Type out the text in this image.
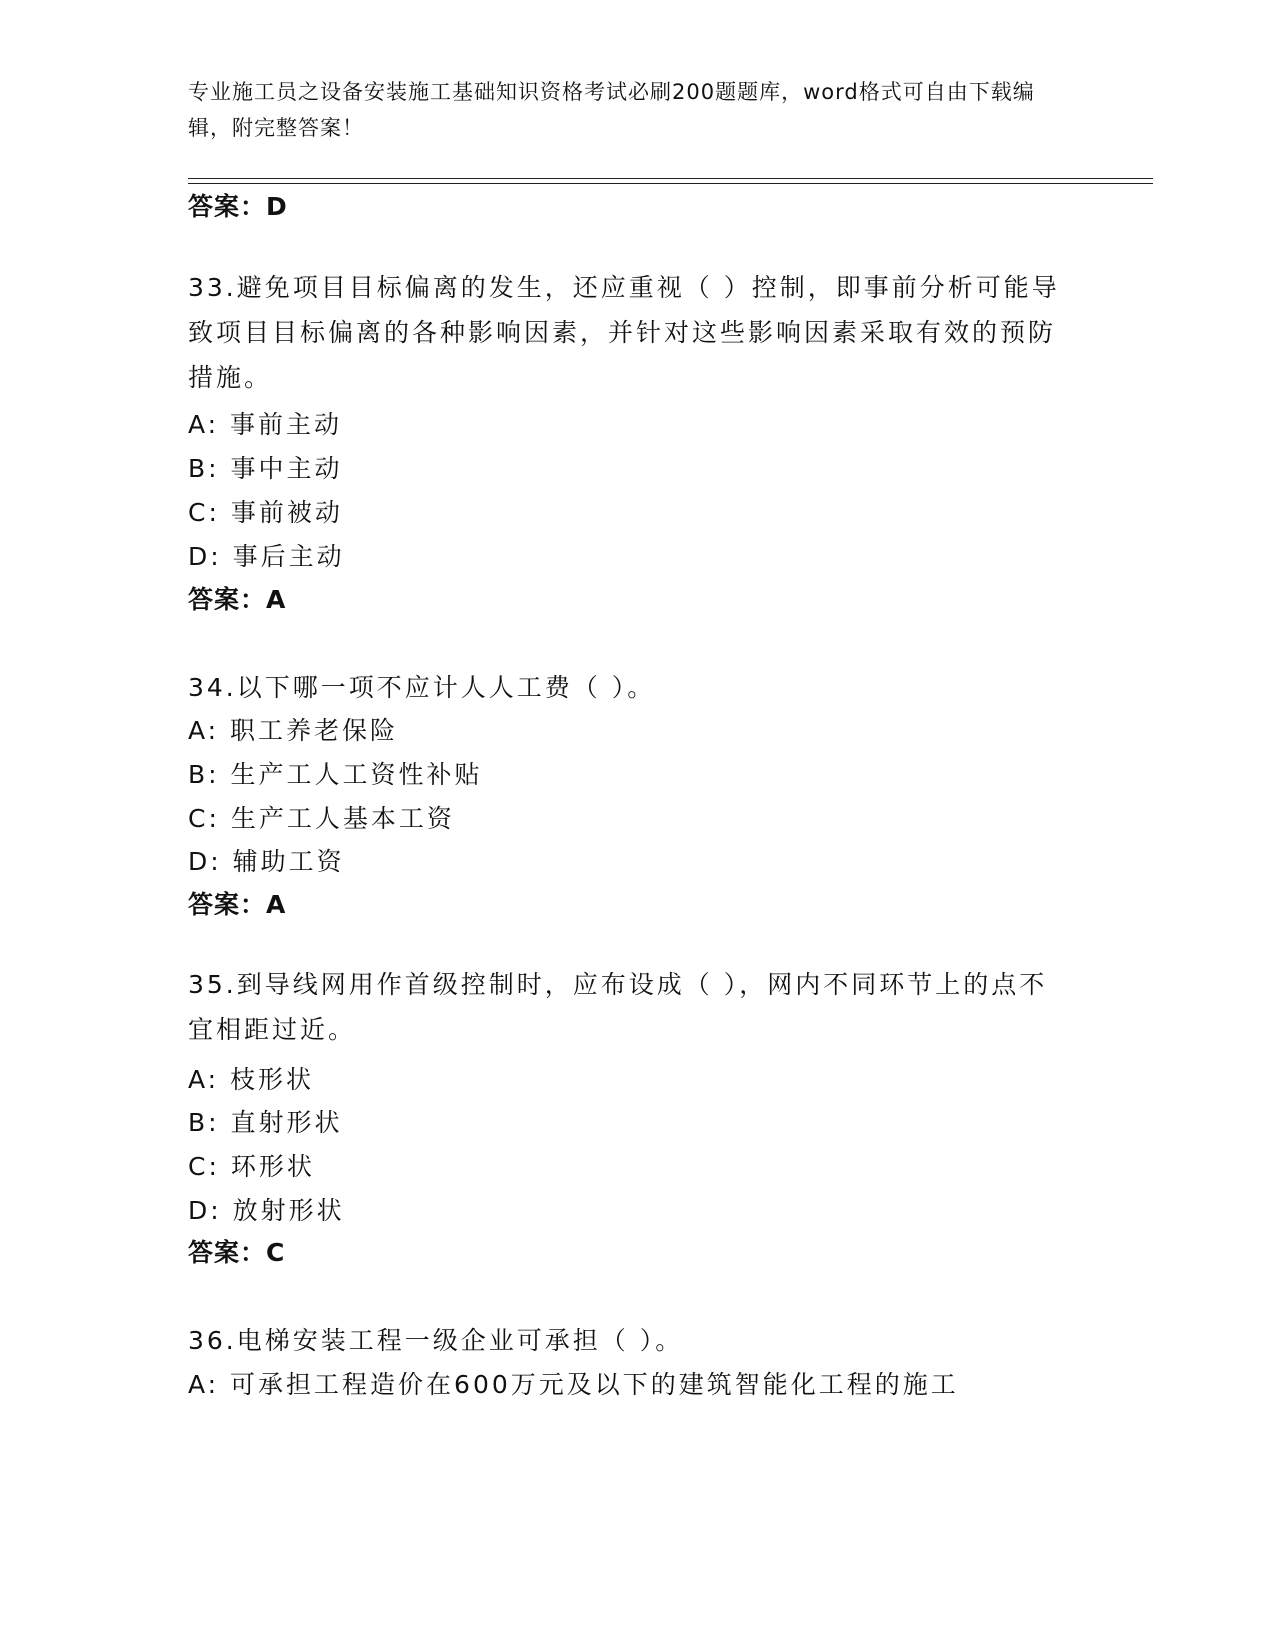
专业施工员之设备安装施工基础知识资格考试必刷200题题库，word格式可自由下载编辑，附完整答案！
答案：D
33.避免项目目标偏离的发生，还应重视（ ）控制，即事前分析可能导致项目目标偏离的各种影响因素，并针对这些影响因素采取有效的预防措施。
A: 事前主动
B: 事中主动
C: 事前被动
D: 事后主动
答案：A
34.以下哪一项不应计人人工费（ ）。
A: 职工养老保险
B: 生产工人工资性补贴
C: 生产工人基本工资
D: 辅助工资
答案：A
35.到导线网用作首级控制时，应布设成（ ），网内不同环节上的点不宜相距过近。
A: 枝形状
B: 直射形状
C: 环形状
D: 放射形状
答案：C
36.电梯安装工程一级企业可承担（ ）。
A: 可承担工程造价在600万元及以下的建筑智能化工程的施工
